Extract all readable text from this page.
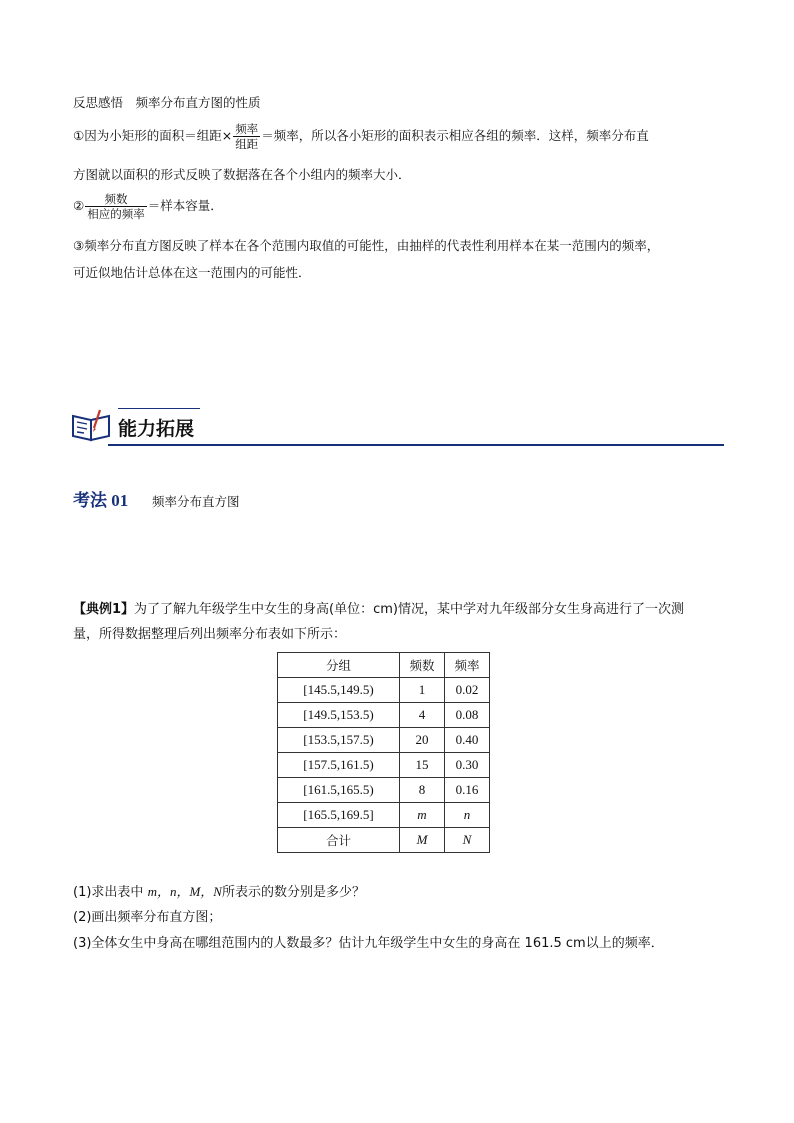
反思感悟　频率分布直方图的性质
①因为小矩形的面积＝组距× $\frac{\text{频率}}{\text{组距}}$ ＝频率，所以各小矩形的面积表示相应各组的频率．这样，频率分布直
方图就以面积的形式反映了数据落在各个小组内的频率大小．
② $\frac{\text{频数}}{\text{相应的频率}}$ ＝样本容量．
③频率分布直方图反映了样本在各个范围内取值的可能性，由抽样的代表性利用样本在某一范围内的频率，
可近似地估计总体在这一范围内的可能性．
能力拓展
考法 01 频率分布直方图
【典例1】为了了解九年级学生中女生的身高(单位：cm)情况，某中学对九年级部分女生身高进行了一次测
量，所得数据整理后列出频率分布表如下所示：
分组	频数	频率
[145.5,149.5)	1	0.02
[149.5,153.5)	4	0.08
[153.5,157.5)	20	0.40
[157.5,161.5)	15	0.30
[161.5,165.5)	8	0.16
[165.5,169.5]	m	n
合计	M	N
(1)求出表中 m，n，M，N所表示的数分别是多少？
(2)画出频率分布直方图；
(3)全体女生中身高在哪组范围内的人数最多？估计九年级学生中女生的身高在 161.5 cm以上的频率．
